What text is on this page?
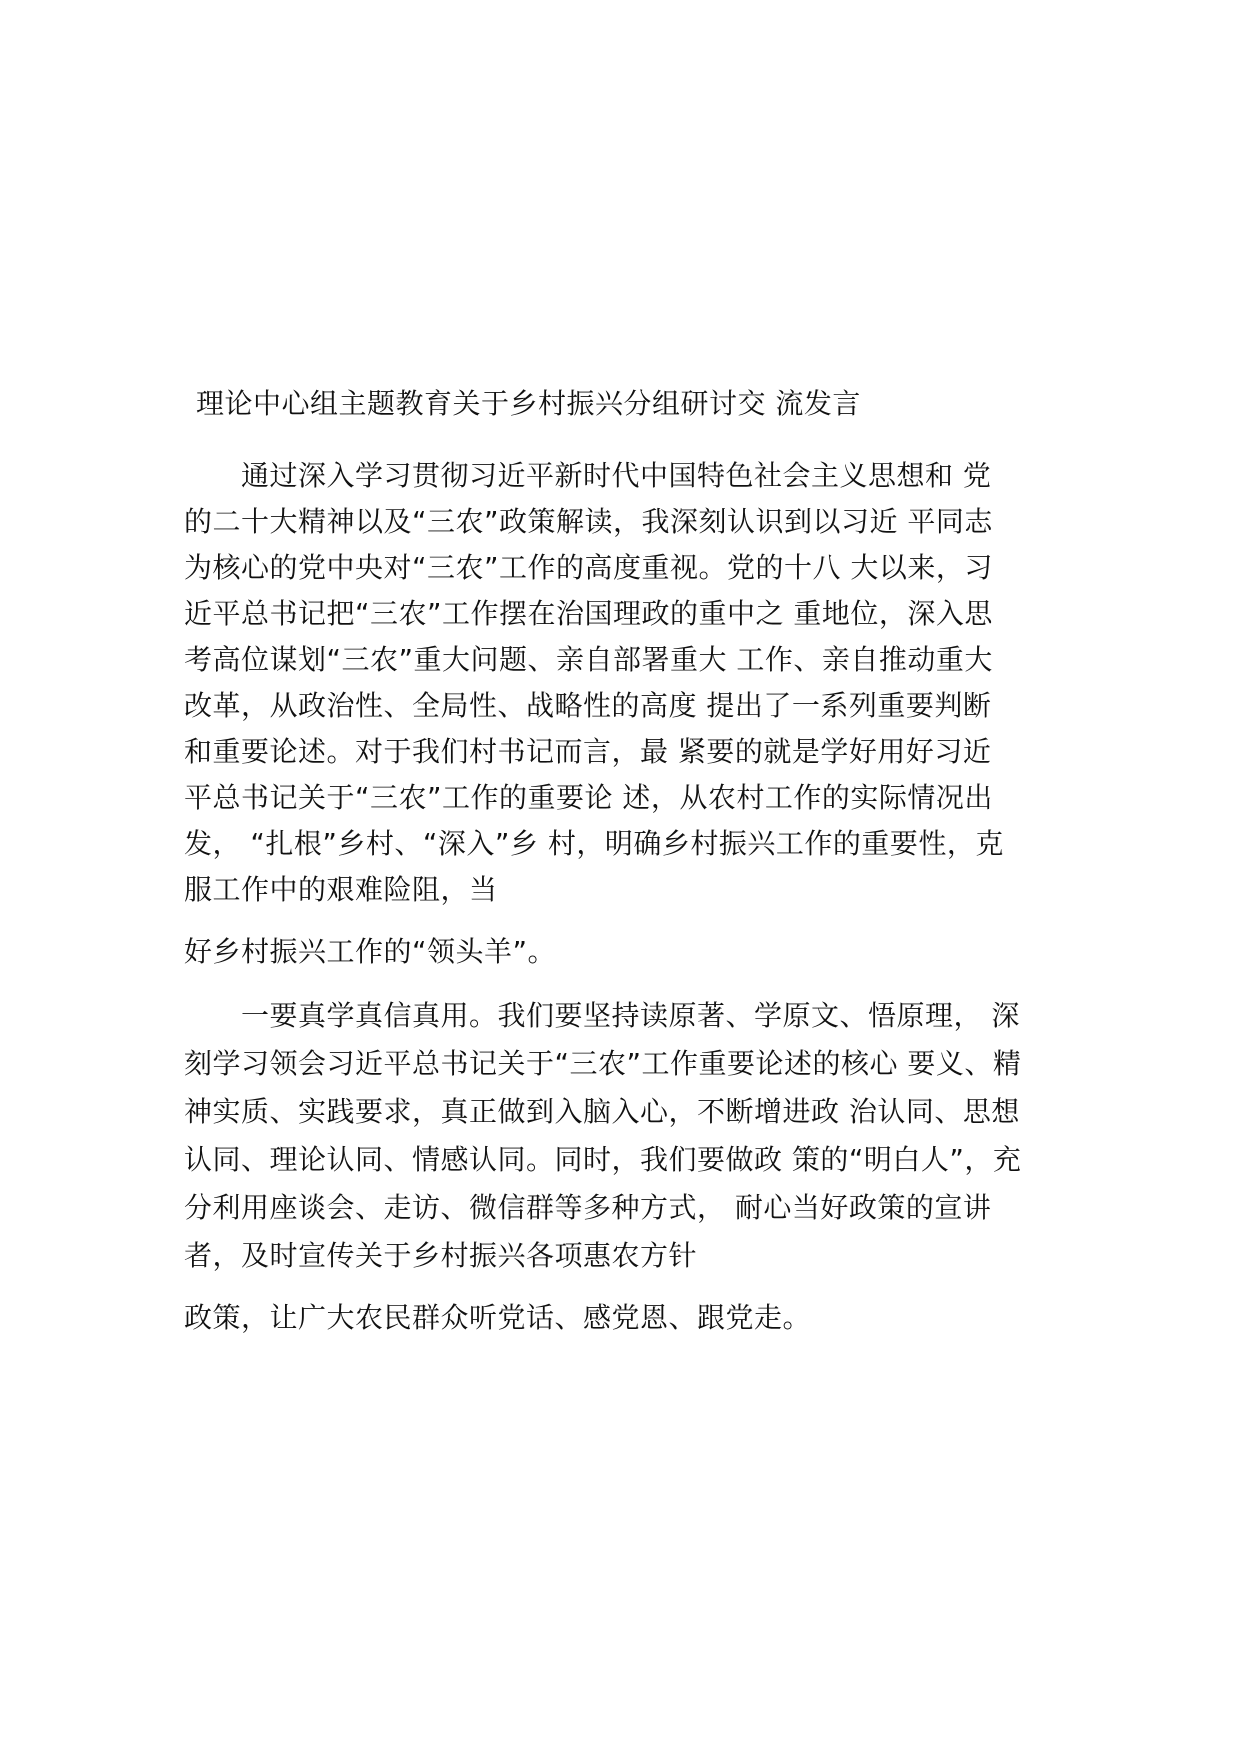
理论中心组主题教育关于乡村振兴分组研讨交 流发言
　　通过深入学习贯彻习近平新时代中国特色社会主义思想和 党
的二十大精神以及“三农”政策解读，我深刻认识到以习近 平同志
为核心的党中央对“三农”工作的高度重视。党的十八 大以来，习
近平总书记把“三农”工作摆在治国理政的重中之 重地位，深入思
考高位谋划“三农”重大问题、亲自部署重大 工作、亲自推动重大
改革，从政治性、全局性、战略性的高度 提出了一系列重要判断
和重要论述。对于我们村书记而言，最 紧要的就是学好用好习近
平总书记关于“三农”工作的重要论 述，从农村工作的实际情况出
发， “扎根”乡村、“深入”乡 村，明确乡村振兴工作的重要性，克
服工作中的艰难险阻，当
好乡村振兴工作的“领头羊”。
　　一要真学真信真用。我们要坚持读原著、学原文、悟原理， 深
刻学习领会习近平总书记关于“三农”工作重要论述的核心 要义、精
神实质、实践要求，真正做到入脑入心，不断增进政 治认同、思想
认同、理论认同、情感认同。同时，我们要做政 策的“明白人”，充
分利用座谈会、走访、微信群等多种方式， 耐心当好政策的宣讲
者，及时宣传关于乡村振兴各项惠农方针
政策，让广大农民群众听党话、感党恩、跟党走。
